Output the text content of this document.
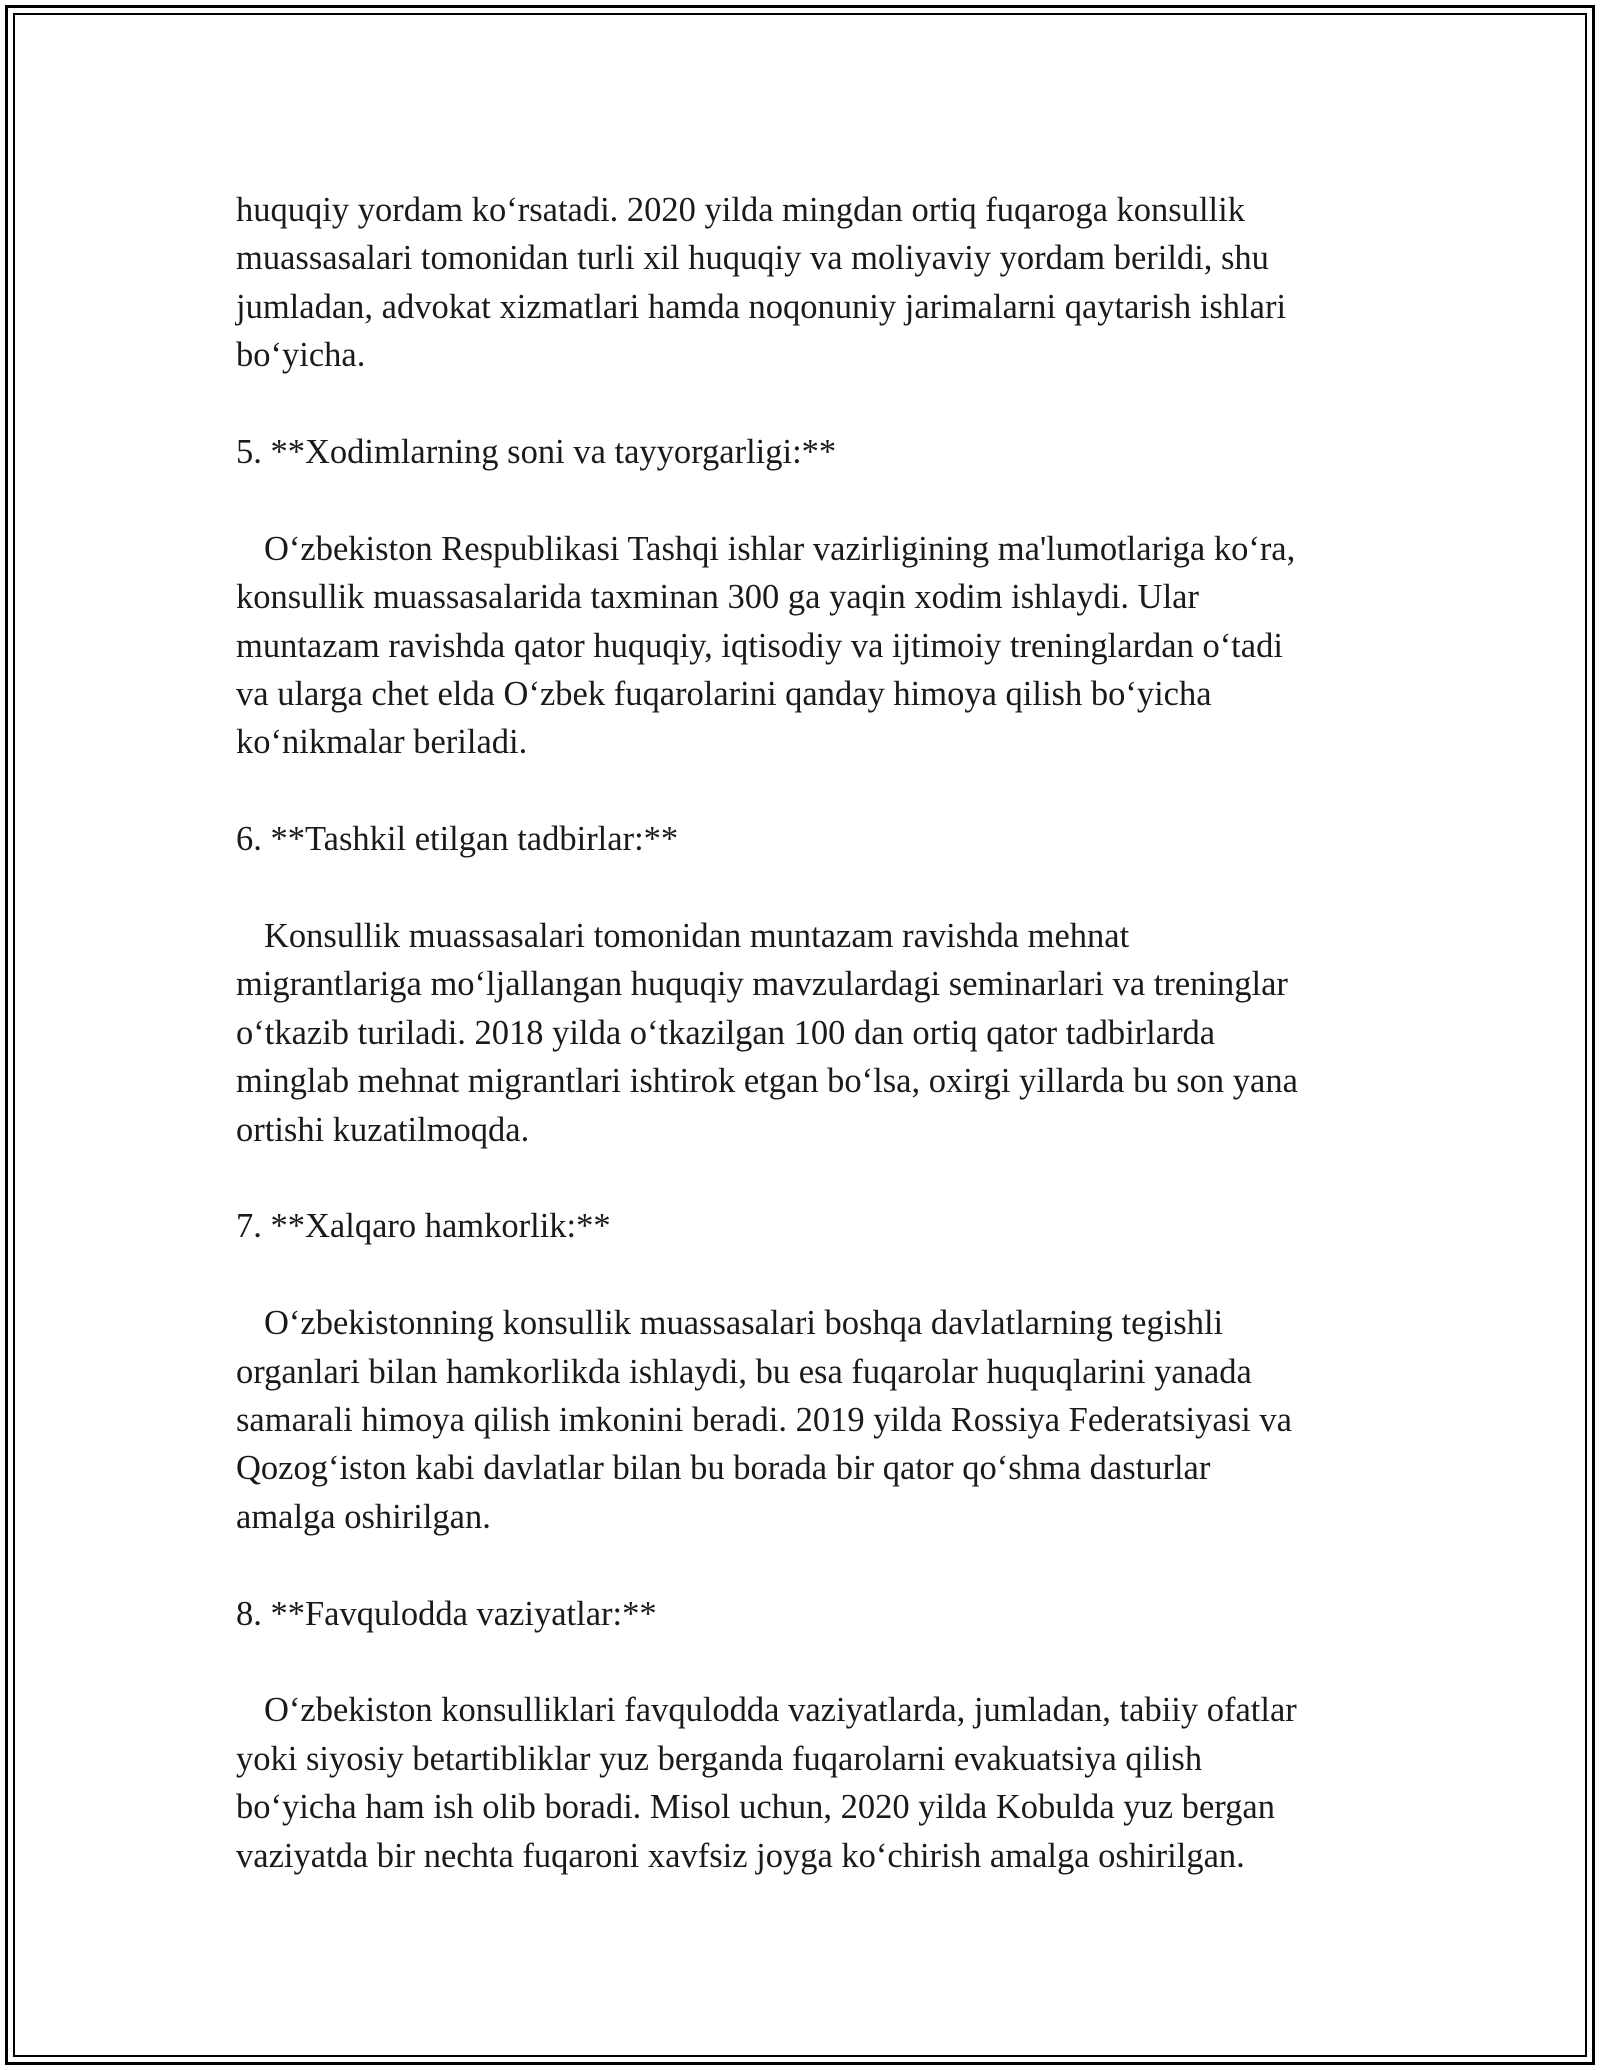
huquqiy yordam ko‘rsatadi. 2020 yilda mingdan ortiq fuqaroga konsullik
muassasalari tomonidan turli xil huquqiy va moliyaviy yordam berildi, shu
jumladan, advokat xizmatlari hamda noqonuniy jarimalarni qaytarish ishlari
bo‘yicha.

5. **Xodimlarning soni va tayyorgarligi:**

O‘zbekiston Respublikasi Tashqi ishlar vazirligining ma'lumotlariga ko‘ra,
konsullik muassasalarida taxminan 300 ga yaqin xodim ishlaydi. Ular
muntazam ravishda qator huquqiy, iqtisodiy va ijtimoiy treninglardan o‘tadi
va ularga chet elda O‘zbek fuqarolarini qanday himoya qilish bo‘yicha
ko‘nikmalar beriladi.

6. **Tashkil etilgan tadbirlar:**

Konsullik muassasalari tomonidan muntazam ravishda mehnat
migrantlariga mo‘ljallangan huquqiy mavzulardagi seminarlari va treninglar
o‘tkazib turiladi. 2018 yilda o‘tkazilgan 100 dan ortiq qator tadbirlarda
minglab mehnat migrantlari ishtirok etgan bo‘lsa, oxirgi yillarda bu son yana
ortishi kuzatilmoqda.

7. **Xalqaro hamkorlik:**

O‘zbekistonning konsullik muassasalari boshqa davlatlarning tegishli
organlari bilan hamkorlikda ishlaydi, bu esa fuqarolar huquqlarini yanada
samarali himoya qilish imkonini beradi. 2019 yilda Rossiya Federatsiyasi va
Qozog‘iston kabi davlatlar bilan bu borada bir qator qo‘shma dasturlar
amalga oshirilgan.

8. **Favqulodda vaziyatlar:**

O‘zbekiston konsulliklari favqulodda vaziyatlarda, jumladan, tabiiy ofatlar
yoki siyosiy betartibliklar yuz berganda fuqarolarni evakuatsiya qilish
bo‘yicha ham ish olib boradi. Misol uchun, 2020 yilda Kobulda yuz bergan
vaziyatda bir nechta fuqaroni xavfsiz joyga ko‘chirish amalga oshirilgan.
